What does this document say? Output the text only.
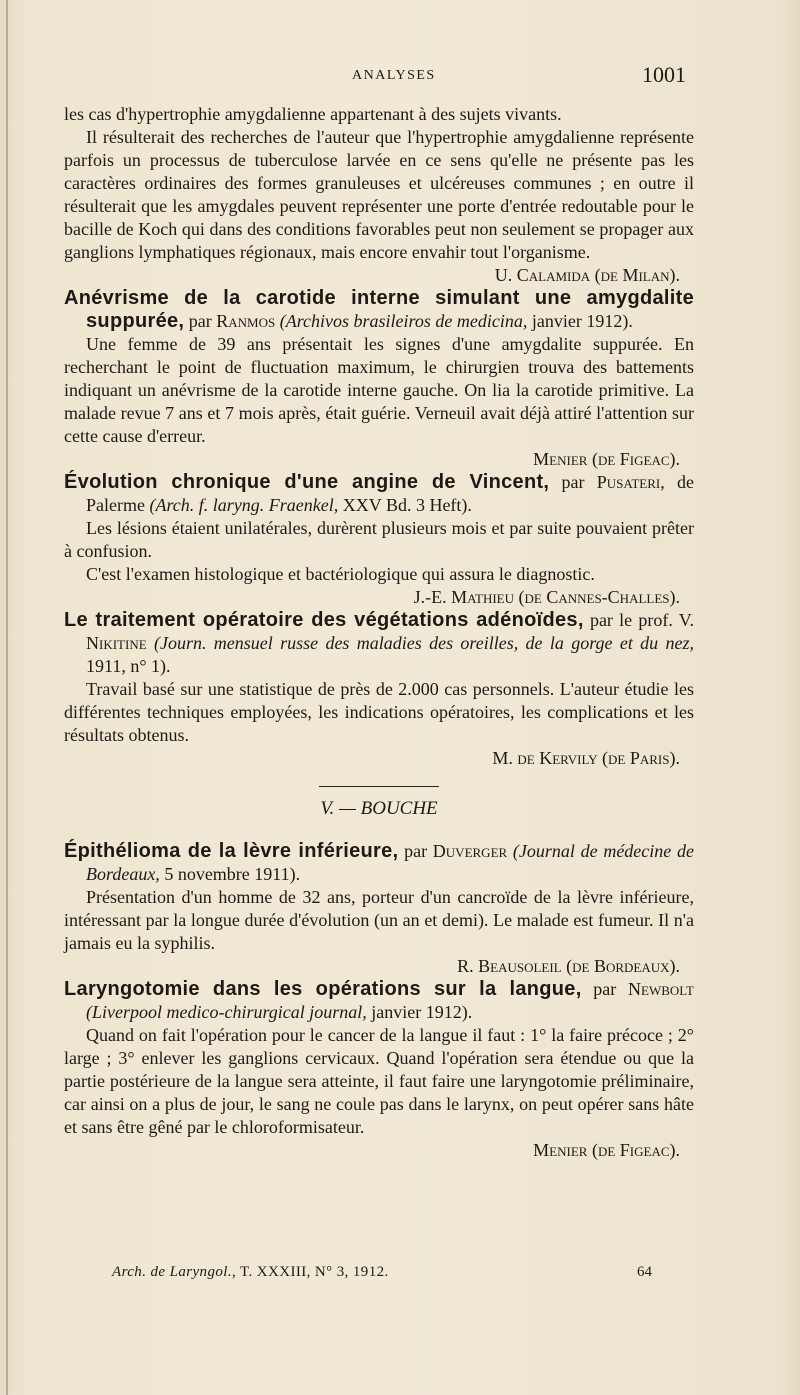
ANALYSES	1001

les cas d'hypertrophie amygdalienne appartenant à des sujets vivants.

Il résulterait des recherches de l'auteur que l'hypertrophie amygdalienne représente parfois un processus de tuberculose larvée en ce sens qu'elle ne présente pas les caractères ordinaires des formes granuleuses et ulcéreuses communes ; en outre il résulterait que les amygdales peuvent représenter une porte d'entrée redoutable pour le bacille de Koch qui dans des conditions favorables peut non seulement se propager aux ganglions lymphatiques régionaux, mais encore envahir tout l'organisme.

U. Calamida (de Milan).

Anévrisme de la carotide interne simulant une amygdalite suppurée, par Ranmos (Archivos brasileiros de medicina, janvier 1912).

Une femme de 39 ans présentait les signes d'une amygdalite suppurée. En recherchant le point de fluctuation maximum, le chirurgien trouva des battements indiquant un anévrisme de la carotide interne gauche. On lia la carotide primitive. La malade revue 7 ans et 7 mois après, était guérie. Verneuil avait déjà attiré l'attention sur cette cause d'erreur.

Menier (de Figeac).

Évolution chronique d'une angine de Vincent, par Pusateri, de Palerme (Arch. f. laryng. Fraenkel, XXV Bd. 3 Heft).

Les lésions étaient unilatérales, durèrent plusieurs mois et par suite pouvaient prêter à confusion.

C'est l'examen histologique et bactériologique qui assura le diagnostic.

J.-E. Mathieu (de Cannes-Challes).

Le traitement opératoire des végétations adénoïdes, par le prof. V. Nikitine (Journ. mensuel russe des maladies des oreilles, de la gorge et du nez, 1911, n° 1).

Travail basé sur une statistique de près de 2.000 cas personnels. L'auteur étudie les différentes techniques employées, les indications opératoires, les complications et les résultats obtenus.

M. de Kervily (de Paris).

V. — BOUCHE

Épithélioma de la lèvre inférieure, par Duverger (Journal de médecine de Bordeaux, 5 novembre 1911).

Présentation d'un homme de 32 ans, porteur d'un cancroïde de la lèvre inférieure, intéressant par la longue durée d'évolution (un an et demi). Le malade est fumeur. Il n'a jamais eu la syphilis.

R. Beausoleil (de Bordeaux).

Laryngotomie dans les opérations sur la langue, par Newbolt (Liverpool medico-chirurgical journal, janvier 1912).

Quand on fait l'opération pour le cancer de la langue il faut : 1° la faire précoce ; 2° large ; 3° enlever les ganglions cervicaux. Quand l'opération sera étendue ou que la partie postérieure de la langue sera atteinte, il faut faire une laryngotomie préliminaire, car ainsi on a plus de jour, le sang ne coule pas dans le larynx, on peut opérer sans hâte et sans être gêné par le chloroformisateur.

Menier (de Figeac).

Arch. de Laryngol., T. XXXIII, N° 3, 1912.	64
